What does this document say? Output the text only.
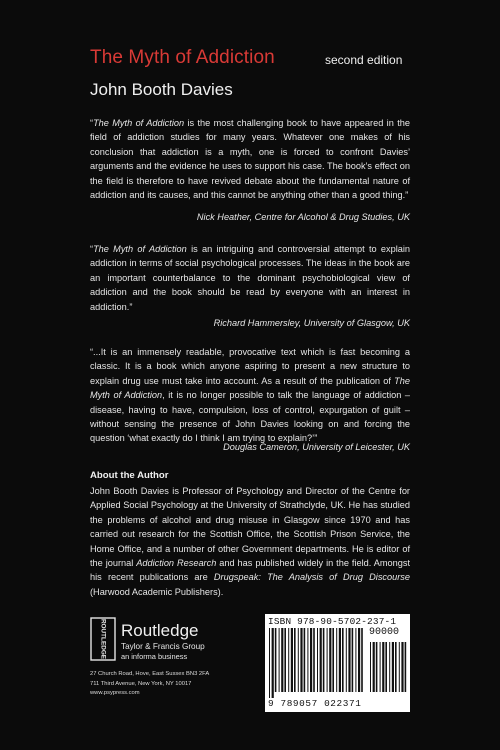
The Myth of Addiction	second edition
John Booth Davies

“The Myth of Addiction is the most challenging book to have appeared in the field of addiction studies for many years. Whatever one makes of his conclusion that addiction is a myth, one is forced to confront Davies’ arguments and the evidence he uses to support his case. The book’s effect on the field is therefore to have revived debate about the fundamental nature of addiction and its causes, and this cannot be anything other than a good thing.”

Nick Heather, Centre for Alcohol & Drug Studies, UK

“The Myth of Addiction is an intriguing and controversial attempt to explain addiction in terms of social psychological processes. The ideas in the book are an important counterbalance to the dominant psychobiological view of addiction and the book should be read by everyone with an interest in addiction.”

Richard Hammersley, University of Glasgow, UK

“...It is an immensely readable, provocative text which is fast becoming a classic. It is a book which anyone aspiring to present a new structure to explain drug use must take into account. As a result of the publication of The Myth of Addiction, it is no longer possible to talk the language of addiction – disease, having to have, compulsion, loss of control, expurgation of guilt – without sensing the presence of John Davies looking on and forcing the question ‘what exactly do I think I am trying to explain?’”

Douglas Cameron, University of Leicester, UK
About the Author

John Booth Davies is Professor of Psychology and Director of the Centre for Applied Social Psychology at the University of Strathclyde, UK. He has studied the problems of alcohol and drug misuse in Glasgow since 1970 and has carried out research for the Scottish Office, the Scottish Prison Service, the Home Office, and a number of other Government departments. He is editor of the journal Addiction Research and has published widely in the field. Amongst his recent publications are Drugspeak: The Analysis of Drug Discourse (Harwood Academic Publishers).

ROUTLEDGE Routledge
Taylor & Francis Group
an informa business
27 Church Road, Hove, East Sussex BN3 2FA
711 Third Avenue, New York, NY 10017
www.psypress.com
ISBN 978-90-5702-237-1
90000
9 789057 022371
